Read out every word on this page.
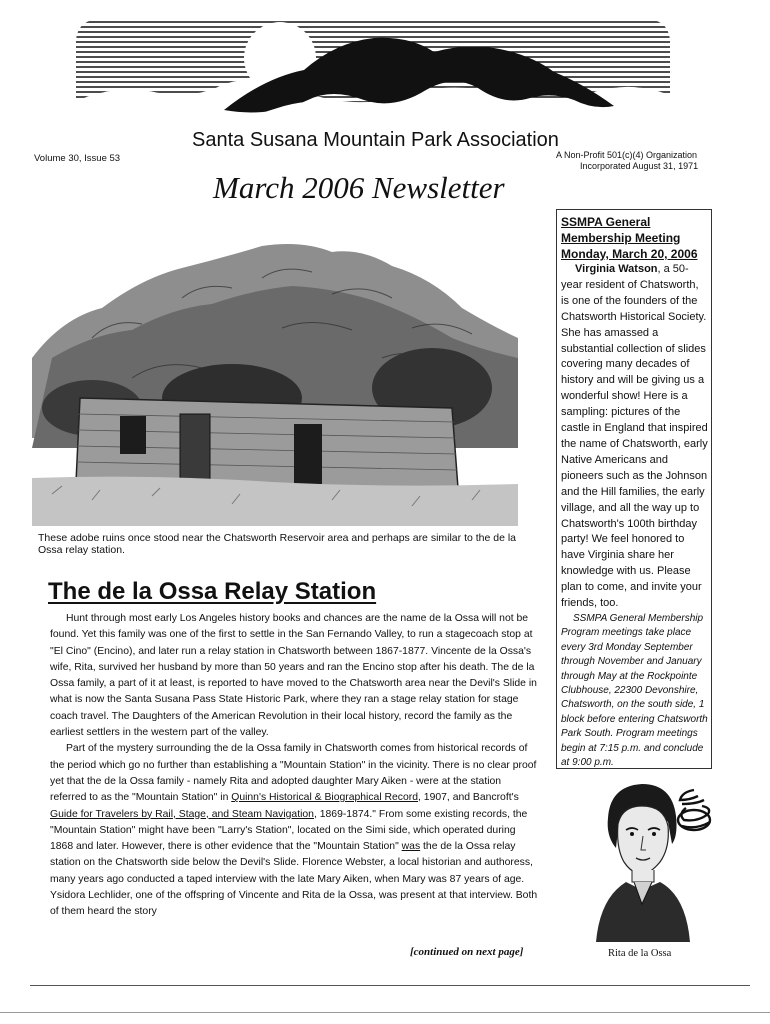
Santa Susana Mountain Park Association
Volume 30, Issue 53	A Non-Profit 501(c)(4) Organization
Incorporated August 31, 1971
March 2006 Newsletter
These adobe ruins once stood near the Chatsworth Reservoir area and perhaps are similar to the de la Ossa relay station.
The de la Ossa Relay Station

Hunt through most early Los Angeles history books and chances are the name de la Ossa will not be found. Yet this family was one of the first to settle in the San Fernando Valley, to run a stagecoach stop at "El Cino" (Encino), and later run a relay station in Chatsworth between 1867-1877. Vincente de la Ossa's wife, Rita, survived her husband by more than 50 years and ran the Encino stop after his death. The de la Ossa family, a part of it at least, is reported to have moved to the Chatsworth area near the Devil's Slide in what is now the Santa Susana Pass State Historic Park, where they ran a stage relay station for stage coach travel. The Daughters of the American Revolution in their local history, record the family as the earliest settlers in the western part of the valley.

Part of the mystery surrounding the de la Ossa family in Chatsworth comes from historical records of the period which go no further than establishing a "Mountain Station" in the vicinity. There is no clear proof yet that the de la Ossa family - namely Rita and adopted daughter Mary Aiken - were at the station referred to as the "Mountain Station" in Quinn's Historical & Biographical Record, 1907, and Bancroft's Guide for Travelers by Rail, Stage, and Steam Navigation, 1869-1874." From some existing records, the "Mountain Station" might have been "Larry's Station", located on the Simi side, which operated during 1868 and later. However, there is other evidence that the "Mountain Station" was the de la Ossa relay station on the Chatsworth side below the Devil's Slide. Florence Webster, a local historian and authoress, many years ago conducted a taped interview with the late Mary Aiken, when Mary was 87 years of age. Ysidora Lechlider, one of the offspring of Vincente and Rita de la Ossa, was present at that interview. Both of them heard the story

[continued on next page]

SSMPA General

Membership Meeting

Monday, March 20, 2006

Virginia Watson, a 50-year resident of Chatsworth, is one of the founders of the Chatsworth Historical Society. She has amassed a substantial collection of slides covering many decades of history and will be giving us a wonderful show! Here is a sampling: pictures of the castle in England that inspired the name of Chatsworth, early Native Americans and pioneers such as the Johnson and the Hill families, the early village, and all the way up to Chatsworth's 100th birthday party! We feel honored to have Virginia share her knowledge with us. Please plan to come, and invite your friends, too.

SSMPA General Membership Program meetings take place every 3rd Monday September through November and January through May at the Rockpointe Clubhouse, 22300 Devonshire, Chatsworth, on the south side, 1 block before entering Chatsworth Park South. Program meetings begin at 7:15 p.m. and conclude at 9:00 p.m.

Rita de la Ossa
